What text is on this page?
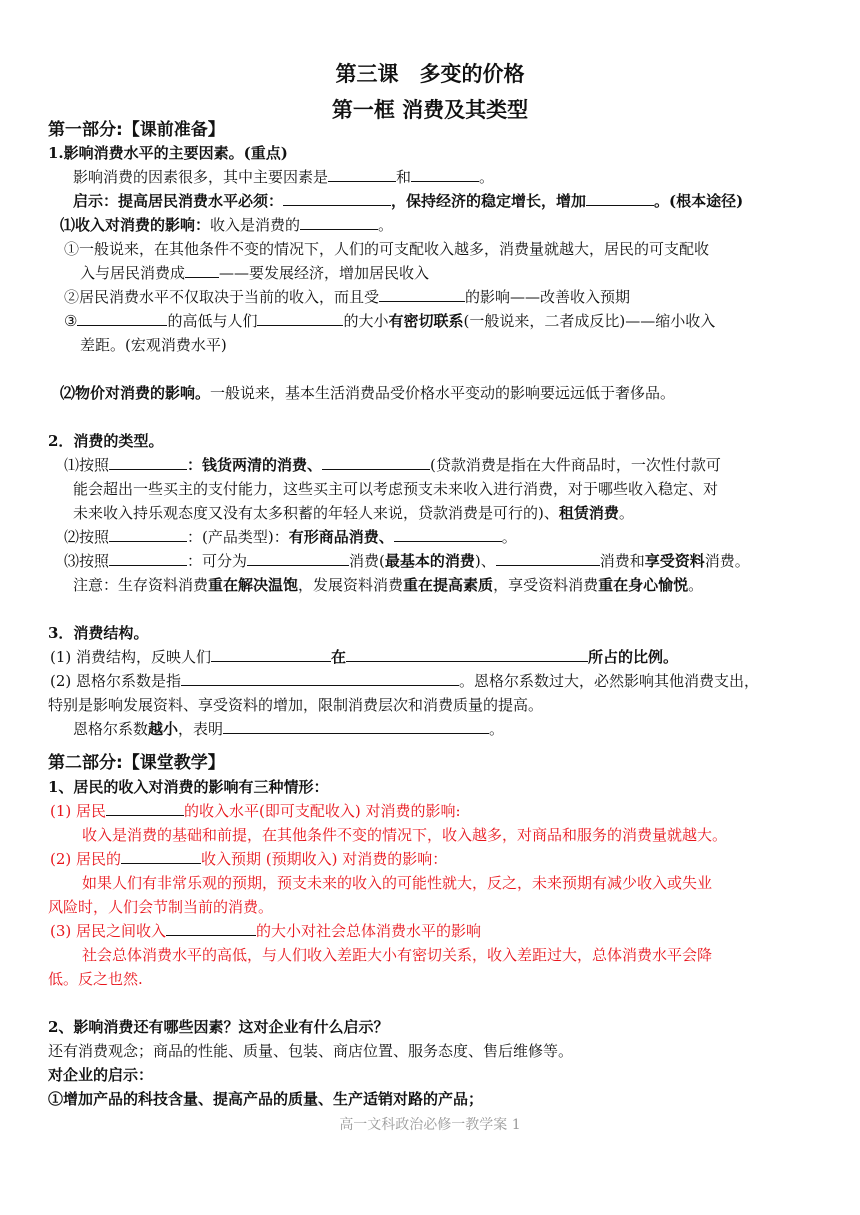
第三课　多变的价格
第一框 消费及其类型
第一部分:【课前准备】
1.影响消费水平的主要因素。(重点)
影响消费的因素很多，其中主要因素是	和	。
启示：提高居民消费水平必须：	，保持经济的稳定增长，增加	。(根本途径)
⑴收入对消费的影响：收入是消费的	。
①一般说来，在其他条件不变的情况下，人们的可支配收入越多，消费量就越大，居民的可支配收
入与居民消费成 ——要发展经济，增加居民收入
②居民消费水平不仅取决于当前的收入，而且受	的影响——改善收入预期
③	的高低与人们	的大小有密切联系(一般说来，二者成反比)——缩小收入
差距。(宏观消费水平)
⑵物价对消费的影响。一般说来，基本生活消费品受价格水平变动的影响要远远低于奢侈品。
2．消费的类型。
⑴按照	：钱货两清的消费、	(贷款消费是指在大件商品时，一次性付款可
能会超出一些买主的支付能力，这些买主可以考虑预支未来收入进行消费，对于哪些收入稳定、对
未来收入持乐观态度又没有太多积蓄的年轻人来说，贷款消费是可行的)、租赁消费。
⑵按照	：(产品类型)：有形商品消费、	。
⑶按照	：可分为	消费(最基本的消费)、	消费和享受资料消费。
注意：生存资料消费重在解决温饱，发展资料消费重在提高素质，享受资料消费重在身心愉悦。
3．消费结构。
(1) 消费结构，反映人们	在	所占的比例。
(2) 恩格尔系数是指	。恩格尔系数过大，必然影响其他消费支出，
特别是影响发展资料、享受资料的增加，限制消费层次和消费质量的提高。
恩格尔系数越小，表明	。
第二部分:【课堂教学】
1、居民的收入对消费的影响有三种情形：
(1) 居民	的收入水平(即可支配收入) 对消费的影响:
收入是消费的基础和前提，在其他条件不变的情况下，收入越多，对商品和服务的消费量就越大。
(2) 居民的	收入预期 (预期收入) 对消费的影响：
如果人们有非常乐观的预期，预支未来的收入的可能性就大，反之，未来预期有减少收入或失业
风险时，人们会节制当前的消费。
(3) 居民之间收入	的大小对社会总体消费水平的影响
社会总体消费水平的高低，与人们收入差距大小有密切关系，收入差距过大，总体消费水平会降
低。反之也然.
2、影响消费还有哪些因素？这对企业有什么启示？
还有消费观念；商品的性能、质量、包装、商店位置、服务态度、售后维修等。
对企业的启示：
①增加产品的科技含量、提高产品的质量、生产适销对路的产品；
高一文科政治必修一教学案 1
